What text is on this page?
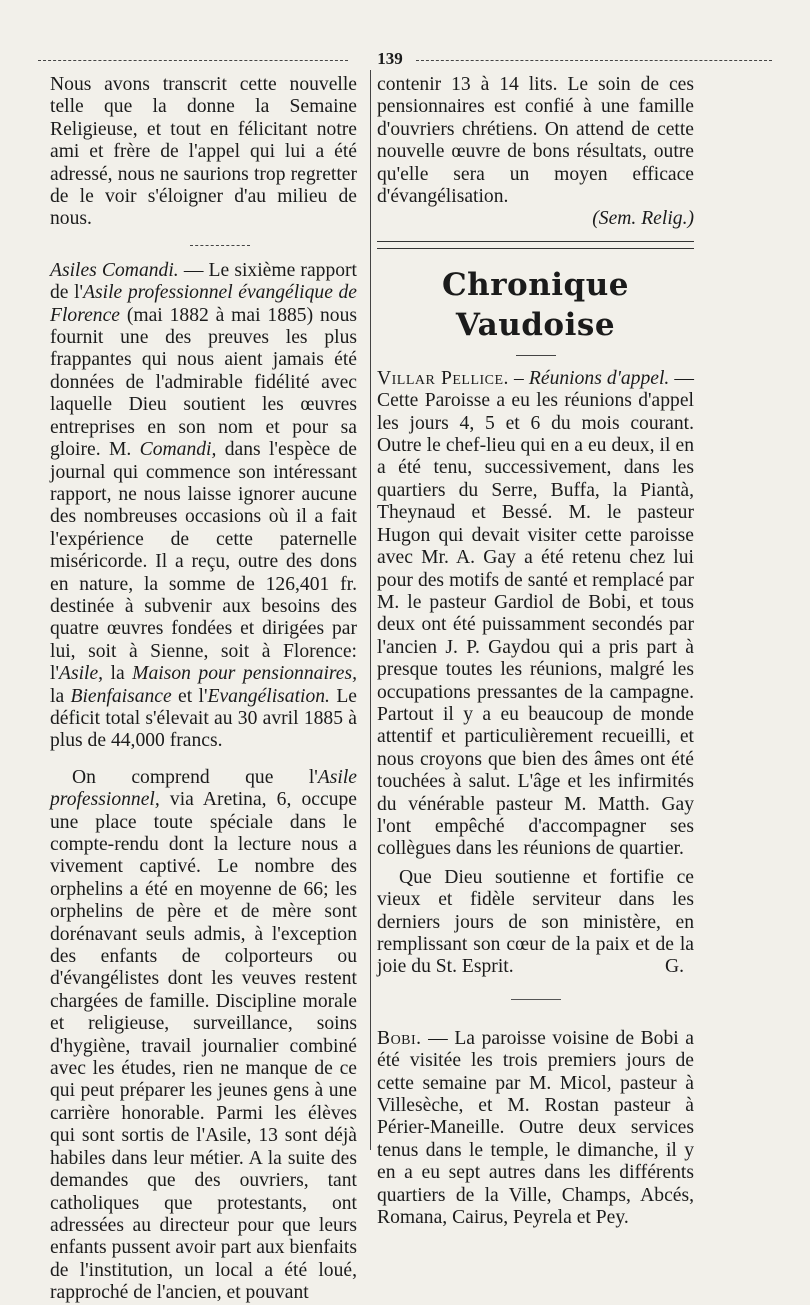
139

Nous avons transcrit cette nouvelle telle que la donne la Semaine Religieuse, et tout en félicitant notre ami et frère de l'appel qui lui a été adressé, nous ne saurions trop regretter de le voir s'éloigner d'au milieu de nous.

Asiles Comandi. — Le sixième rapport de l'Asile professionnel évangélique de Florence (mai 1882 à mai 1885) nous fournit une des preuves les plus frappantes qui nous aient jamais été données de l'admirable fidélité avec laquelle Dieu soutient les œuvres entreprises en son nom et pour sa gloire. M. Comandi, dans l'espèce de journal qui commence son intéressant rapport, ne nous laisse ignorer aucune des nombreuses occasions où il a fait l'expérience de cette paternelle miséricorde. Il a reçu, outre des dons en nature, la somme de 126,401 fr. destinée à subvenir aux besoins des quatre œuvres fondées et dirigées par lui, soit à Sienne, soit à Florence: l'Asile, la Maison pour pensionnaires, la Bienfaisance et l'Evangélisation. Le déficit total s'élevait au 30 avril 1885 à plus de 44,000 francs.

On comprend que l'Asile professionnel, via Aretina, 6, occupe une place toute spéciale dans le compte-rendu dont la lecture nous a vivement captivé. Le nombre des orphelins a été en moyenne de 66; les orphelins de père et de mère sont dorénavant seuls admis, à l'exception des enfants de colporteurs ou d'évangélistes dont les veuves restent chargées de famille. Discipline morale et religieuse, surveillance, soins d'hygiène, travail journalier combiné avec les études, rien ne manque de ce qui peut préparer les jeunes gens à une carrière honorable. Parmi les élèves qui sont sortis de l'Asile, 13 sont déjà habiles dans leur métier. A la suite des demandes que des ouvriers, tant catholiques que protestants, ont adressées au directeur pour que leurs enfants pussent avoir part aux bienfaits de l'institution, un local a été loué, rapproché de l'ancien, et pouvant

contenir 13 à 14 lits. Le soin de ces pensionnaires est confié à une famille d'ouvriers chrétiens. On attend de cette nouvelle œuvre de bons résultats, outre qu'elle sera un moyen efficace d'évangélisation.

(Sem. Relig.)

Chronique Vaudoise

Villar Pellice. – Réunions d'appel. — Cette Paroisse a eu les réunions d'appel les jours 4, 5 et 6 du mois courant. Outre le chef-lieu qui en a eu deux, il en a été tenu, successivement, dans les quartiers du Serre, Buffa, la Piantà, Theynaud et Bessé. M. le pasteur Hugon qui devait visiter cette paroisse avec Mr. A. Gay a été retenu chez lui pour des motifs de santé et remplacé par M. le pasteur Gardiol de Bobi, et tous deux ont été puissamment secondés par l'ancien J. P. Gaydou qui a pris part à presque toutes les réunions, malgré les occupations pressantes de la campagne. Partout il y a eu beaucoup de monde attentif et particulièrement recueilli, et nous croyons que bien des âmes ont été touchées à salut. L'âge et les infirmités du vénérable pasteur M. Matth. Gay l'ont empêché d'accompagner ses collègues dans les réunions de quartier.

Que Dieu soutienne et fortifie ce vieux et fidèle serviteur dans les derniers jours de son ministère, en remplissant son cœur de la paix et de la joie du St. Esprit.	G.

Bobi. — La paroisse voisine de Bobi a été visitée les trois premiers jours de cette semaine par M. Micol, pasteur à Villesèche, et M. Rostan pasteur à Périer-Maneille. Outre deux services tenus dans le temple, le dimanche, il y en a eu sept autres dans les différents quartiers de la Ville, Champs, Abcés, Romana, Cairus, Peyrela et Pey.
